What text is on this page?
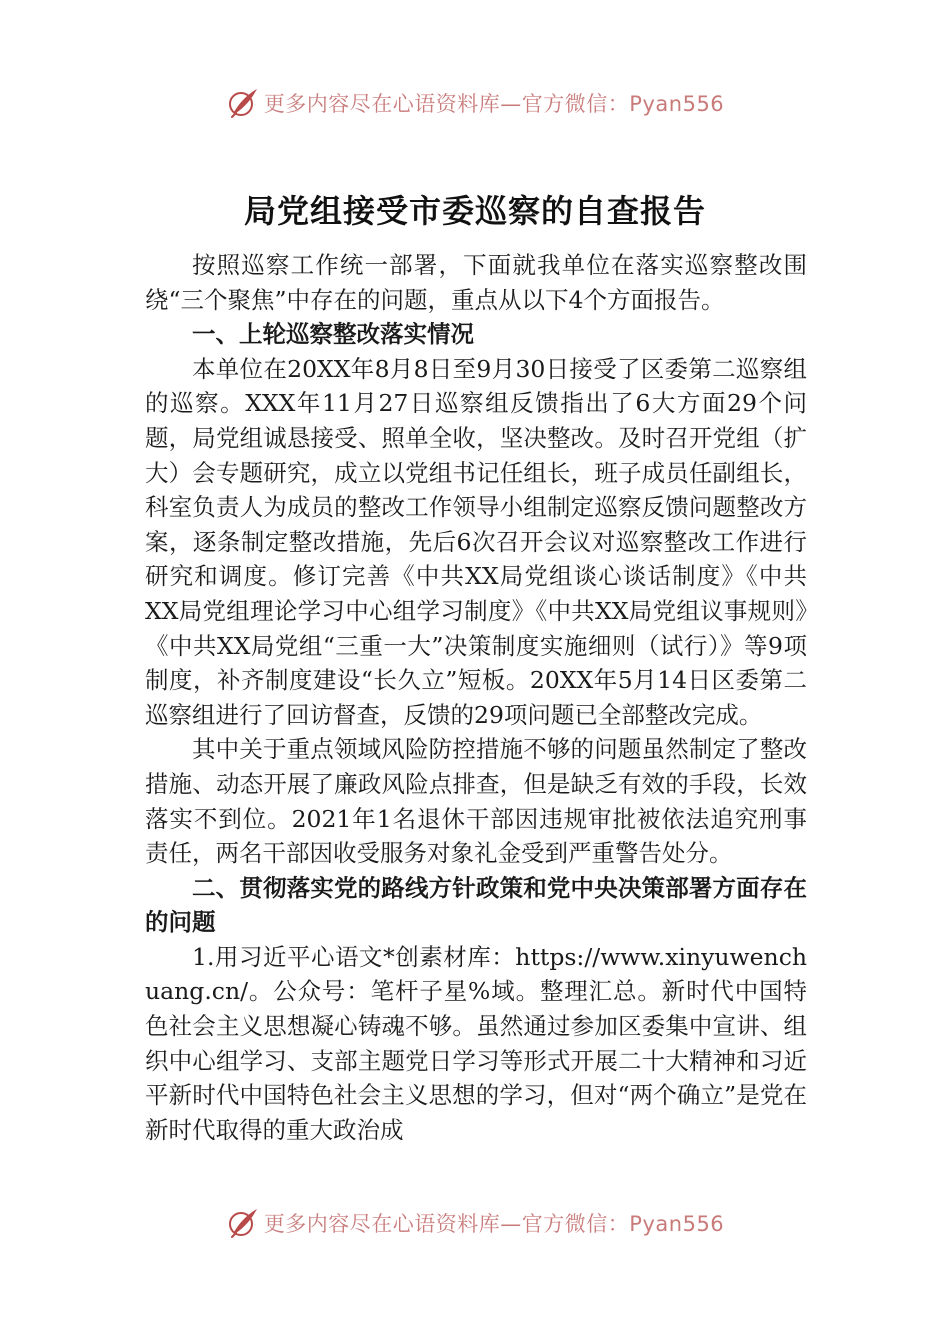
更多内容尽在心语资料库—官方微信：Pyan556
局党组接受市委巡察的自查报告

按照巡察工作统一部署，下面就我单位在落实巡察整改围绕“三个聚焦”中存在的问题，重点从以下4个方面报告。

一、上轮巡察整改落实情况

本单位在20XX年8月8日至9月30日接受了区委第二巡察组的巡察。XXX年11月27日巡察组反馈指出了6大方面29个问题，局党组诚恳接受、照单全收，坚决整改。及时召开党组（扩大）会专题研究，成立以党组书记任组长，班子成员任副组长，科室负责人为成员的整改工作领导小组制定巡察反馈问题整改方案，逐条制定整改措施，先后6次召开会议对巡察整改工作进行研究和调度。修订完善《中共XX局党组谈心谈话制度》《中共XX局党组理论学习中心组学习制度》《中共XX局党组议事规则》《中共XX局党组“三重一大”决策制度实施细则（试行）》等9项制度，补齐制度建设“长久立”短板。20XX年5月14日区委第二巡察组进行了回访督查，反馈的29项问题已全部整改完成。

其中关于重点领域风险防控措施不够的问题虽然制定了整改措施、动态开展了廉政风险点排查，但是缺乏有效的手段，长效落实不到位。2021年1名退休干部因违规审批被依法追究刑事责任，两名干部因收受服务对象礼金受到严重警告处分。

二、贯彻落实党的路线方针政策和党中央决策部署方面存在的问题

1.用习近平心语文*创素材库：https://www.xinyuwenchuang.cn/。公众号：笔杆子星%域。整理汇总。新时代中国特色社会主义思想凝心铸魂不够。虽然通过参加区委集中宣讲、组织中心组学习、支部主题党日学习等形式开展二十大精神和习近平新时代中国特色社会主义思想的学习，但对“两个确立”是党在新时代取得的重大政治成

更多内容尽在心语资料库—官方微信：Pyan556
